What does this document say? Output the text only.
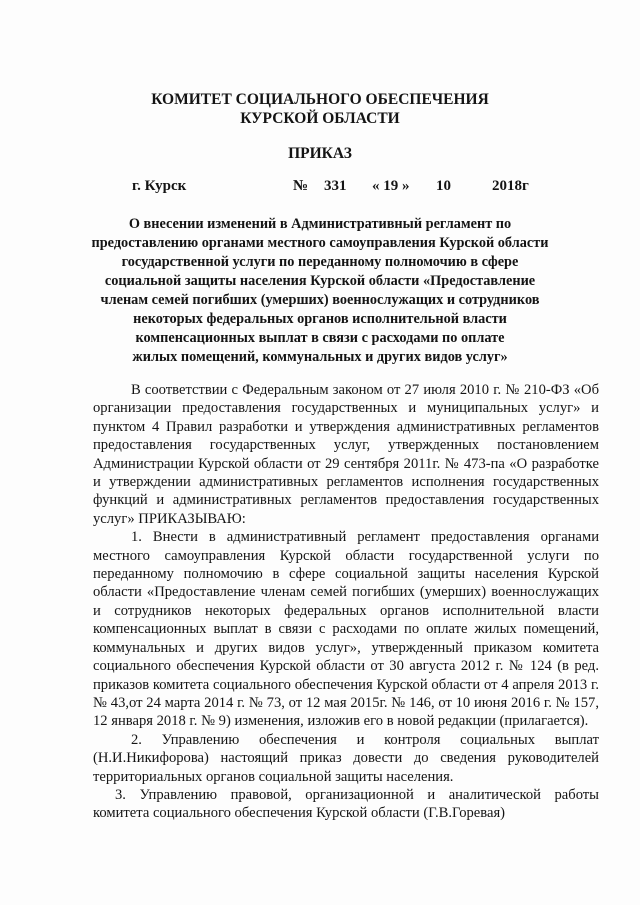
КОМИТЕТ СОЦИАЛЬНОГО ОБЕСПЕЧЕНИЯ
КУРСКОЙ ОБЛАСТИ
ПРИКАЗ
г. Курск	№ 331 « 19 » 10	2018г
О внесении изменений в Административный регламент по
предоставлению органами местного самоуправления Курской области
государственной услуги по переданному полномочию в сфере
социальной защиты населения Курской области «Предоставление
членам семей погибших (умерших) военнослужащих и сотрудников
некоторых федеральных органов исполнительной власти
компенсационных выплат в связи с расходами по оплате
жилых помещений, коммунальных и других видов услуг»

В соответствии с Федеральным законом от 27 июля 2010 г. № 210-ФЗ «Об организации предоставления государственных и муниципальных услуг» и пунктом 4 Правил разработки и утверждения административных регламентов предоставления государственных услуг, утвержденных постановлением Администрации Курской области от 29 сентября 2011г. № 473-па «О разработке и утверждении административных регламентов исполнения государственных функций и административных регламентов предоставления государственных услуг» ПРИКАЗЫВАЮ:

1. Внести в административный регламент предоставления органами местного самоуправления Курской области государственной услуги по переданному полномочию в сфере социальной защиты населения Курской области «Предоставление членам семей погибших (умерших) военнослужащих и сотрудников некоторых федеральных органов исполнительной власти компенсационных выплат в связи с расходами по оплате жилых помещений, коммунальных и других видов услуг», утвержденный приказом комитета социального обеспечения Курской области от 30 августа 2012 г. № 124 (в ред. приказов комитета социального обеспечения Курской области от 4 апреля 2013 г. № 43,от 24 марта 2014 г. № 73, от 12 мая 2015г. № 146, от 10 июня 2016 г. № 157, 12 января 2018 г. № 9) изменения, изложив его в новой редакции (прилагается).

2. Управлению обеспечения и контроля социальных выплат (Н.И.Никифорова) настоящий приказ довести до сведения руководителей территориальных органов социальной защиты населения.

3. Управлению правовой, организационной и аналитической работы комитета социального обеспечения Курской области (Г.В.Горевая)
